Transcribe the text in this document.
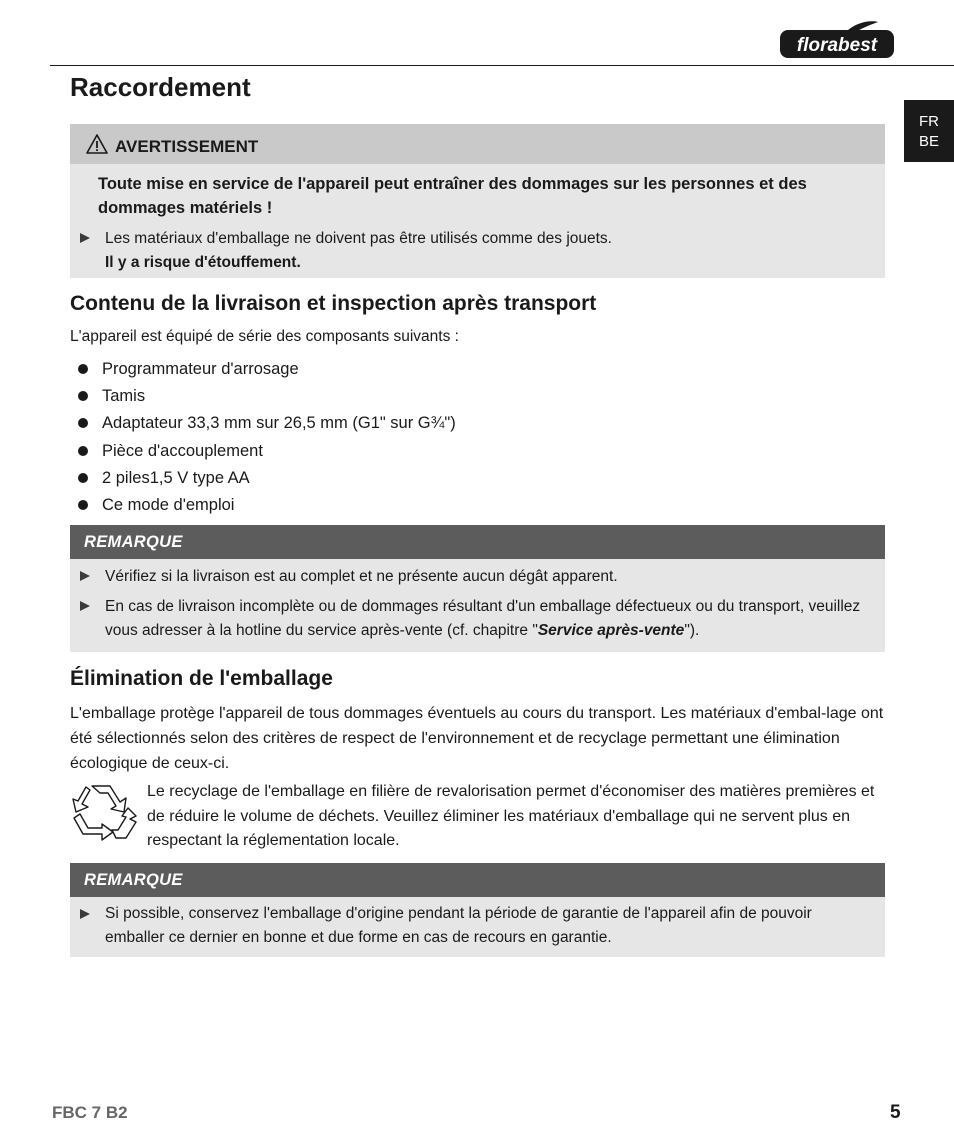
florabest
FR
BE
Raccordement
AVERTISSEMENT
Toute mise en service de l'appareil peut entraîner des dommages sur les personnes et des dommages matériels !
Les matériaux d'emballage ne doivent pas être utilisés comme des jouets.
Il y a risque d'étouffement.
Contenu de la livraison et inspection après transport
L'appareil est équipé de série des composants suivants :
Programmateur d'arrosage
Tamis
Adaptateur 33,3 mm sur 26,5 mm (G1" sur G¾")
Pièce d'accouplement
2 piles1,5 V type AA
Ce mode d'emploi
REMARQUE
Vérifiez si la livraison est au complet et ne présente aucun dégât apparent.
En cas de livraison incomplète ou de dommages résultant d'un emballage défectueux ou du transport, veuillez vous adresser à la hotline du service après-vente (cf. chapitre "Service après-vente").
Élimination de l'emballage
L'emballage protège l'appareil de tous dommages éventuels au cours du transport. Les matériaux d'embal-lage ont été sélectionnés selon des critères de respect de l'environnement et de recyclage permettant une élimination écologique de ceux-ci.
Le recyclage de l'emballage en filière de revalorisation permet d'économiser des matières premières et de réduire le volume de déchets. Veuillez éliminer les matériaux d'emballage qui ne servent plus en respectant la réglementation locale.
REMARQUE
Si possible, conservez l'emballage d'origine pendant la période de garantie de l'appareil afin de pouvoir emballer ce dernier en bonne et due forme en cas de recours en garantie.
FBC 7 B2	5
